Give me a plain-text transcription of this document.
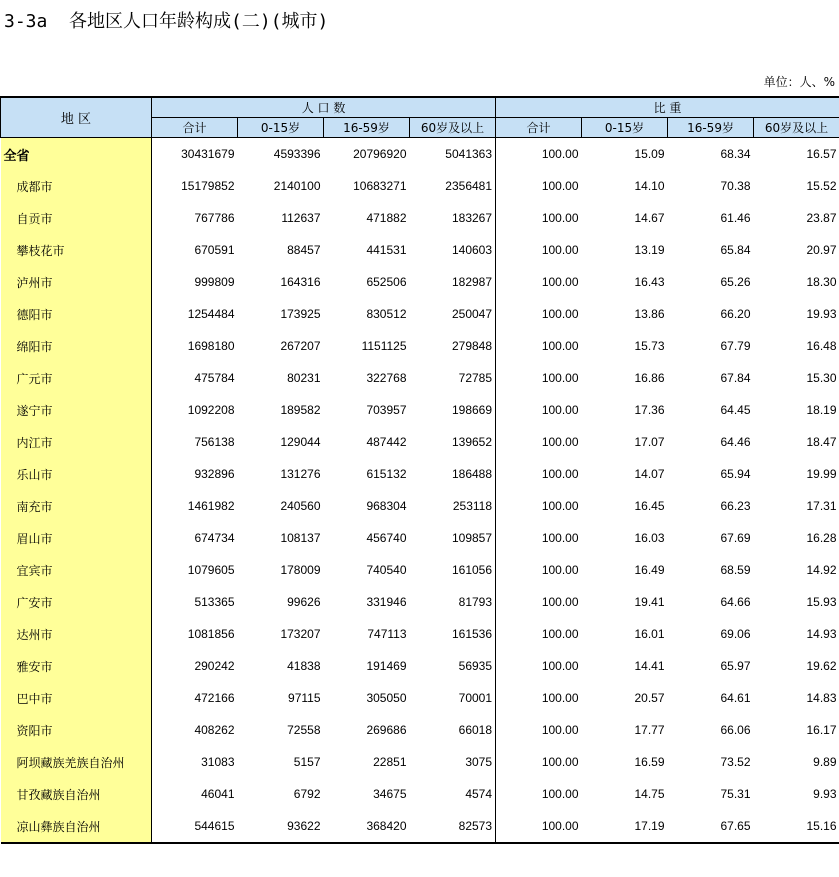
3-3a  各地区人口年龄构成(二)(城市)
单位：人、%
地 区	人 口 数				比 重			
	合计	0-15岁	16-59岁	60岁及以上	合计	0-15岁	16-59岁	60岁及以上
全省	30431679	4593396	20796920	5041363	100.00	15.09	68.34	16.57
成都市	15179852	2140100	10683271	2356481	100.00	14.10	70.38	15.52
自贡市	767786	112637	471882	183267	100.00	14.67	61.46	23.87
攀枝花市	670591	88457	441531	140603	100.00	13.19	65.84	20.97
泸州市	999809	164316	652506	182987	100.00	16.43	65.26	18.30
德阳市	1254484	173925	830512	250047	100.00	13.86	66.20	19.93
绵阳市	1698180	267207	1151125	279848	100.00	15.73	67.79	16.48
广元市	475784	80231	322768	72785	100.00	16.86	67.84	15.30
遂宁市	1092208	189582	703957	198669	100.00	17.36	64.45	18.19
内江市	756138	129044	487442	139652	100.00	17.07	64.46	18.47
乐山市	932896	131276	615132	186488	100.00	14.07	65.94	19.99
南充市	1461982	240560	968304	253118	100.00	16.45	66.23	17.31
眉山市	674734	108137	456740	109857	100.00	16.03	67.69	16.28
宜宾市	1079605	178009	740540	161056	100.00	16.49	68.59	14.92
广安市	513365	99626	331946	81793	100.00	19.41	64.66	15.93
达州市	1081856	173207	747113	161536	100.00	16.01	69.06	14.93
雅安市	290242	41838	191469	56935	100.00	14.41	65.97	19.62
巴中市	472166	97115	305050	70001	100.00	20.57	64.61	14.83
资阳市	408262	72558	269686	66018	100.00	17.77	66.06	16.17
阿坝藏族羌族自治州	31083	5157	22851	3075	100.00	16.59	73.52	9.89
甘孜藏族自治州	46041	6792	34675	4574	100.00	14.75	75.31	9.93
凉山彝族自治州	544615	93622	368420	82573	100.00	17.19	67.65	15.16
